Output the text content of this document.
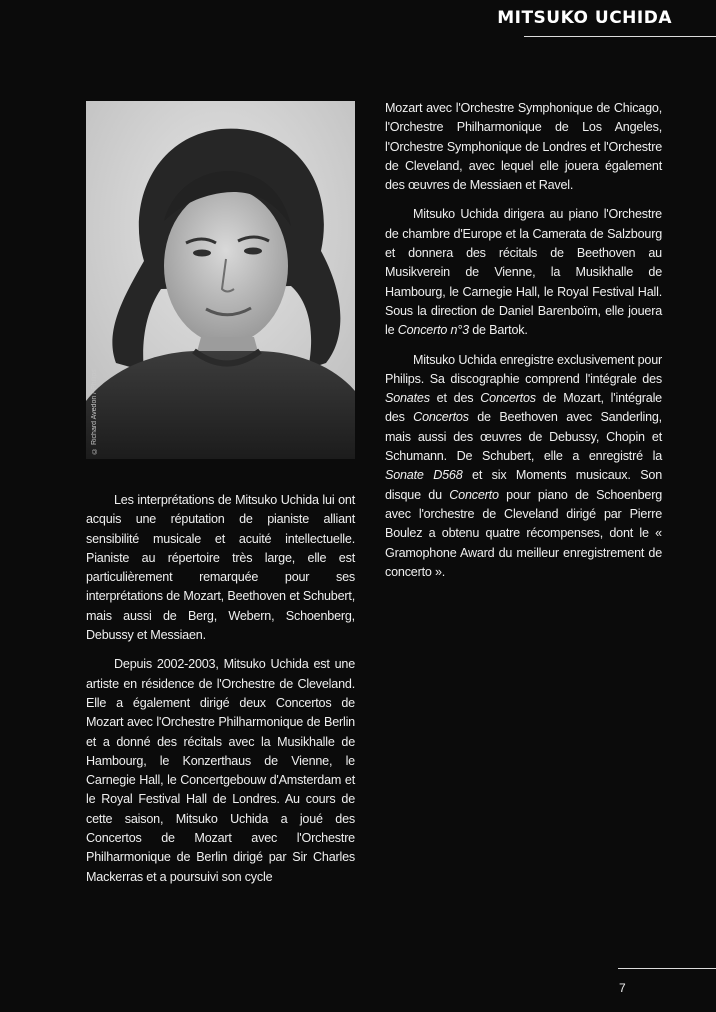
MITSUKO UCHIDA
© Richard Avedon / Philips

Les interprétations de Mitsuko Uchida lui ont acquis une réputation de pianiste alliant sensibilité musicale et acuité intellectuelle. Pianiste au répertoire très large, elle est particulièrement remarquée pour ses interprétations de Mozart, Beethoven et Schubert, mais aussi de Berg, Webern, Schoenberg, Debussy et Messiaen.

Depuis 2002-2003, Mitsuko Uchida est une artiste en résidence de l'Orchestre de Cleveland. Elle a également dirigé deux Concertos de Mozart avec l'Orchestre Philharmonique de Berlin et a donné des récitals avec la Musikhalle de Hambourg, le Konzerthaus de Vienne, le Carnegie Hall, le Concertgebouw d'Amsterdam et le Royal Festival Hall de Londres. Au cours de cette saison, Mitsuko Uchida a joué des Concertos de Mozart avec l'Orchestre Philharmonique de Berlin dirigé par Sir Charles Mackerras et a poursuivi son cycle

Mozart avec l'Orchestre Symphonique de Chicago, l'Orchestre Philharmonique de Los Angeles, l'Orchestre Symphonique de Londres et l'Orchestre de Cleveland, avec lequel elle jouera également des œuvres de Messiaen et Ravel.

Mitsuko Uchida dirigera au piano l'Orchestre de chambre d'Europe et la Camerata de Salzbourg et donnera des récitals de Beethoven au Musikverein de Vienne, la Musikhalle de Hambourg, le Carnegie Hall, le Royal Festival Hall. Sous la direction de Daniel Barenboïm, elle jouera le Concerto n°3 de Bartok.

Mitsuko Uchida enregistre exclusivement pour Philips. Sa discographie comprend l'intégrale des Sonates et des Concertos de Mozart, l'intégrale des Concertos de Beethoven avec Sanderling, mais aussi des œuvres de Debussy, Chopin et Schumann. De Schubert, elle a enregistré la Sonate D568 et six Moments musicaux. Son disque du Concerto pour piano de Schoenberg avec l'orchestre de Cleveland dirigé par Pierre Boulez a obtenu quatre récompenses, dont le « Gramophone Award du meilleur enregistrement de concerto ».

7
